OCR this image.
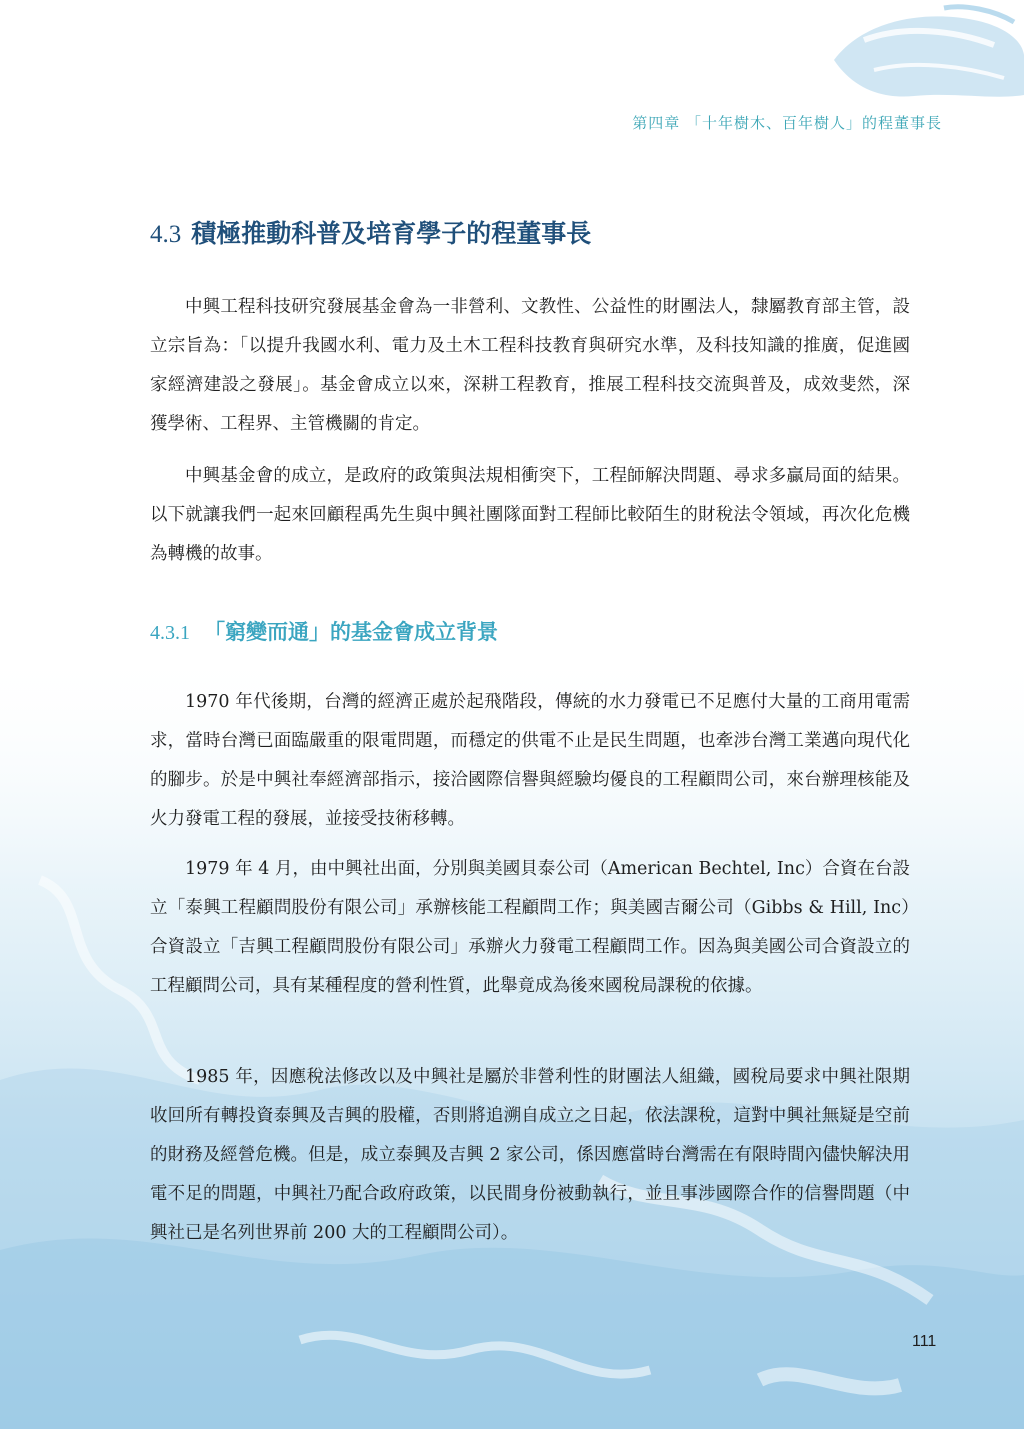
第四章 「十年樹木、百年樹人」的程董事長
4.3 積極推動科普及培育學子的程董事長

中興工程科技研究發展基金會為一非營利、文教性、公益性的財團法人，隸屬教育部主管，設立宗旨為：「以提升我國水利、電力及土木工程科技教育與研究水準，及科技知識的推廣，促進國家經濟建設之發展」。基金會成立以來，深耕工程教育，推展工程科技交流與普及，成效斐然，深獲學術、工程界、主管機關的肯定。

中興基金會的成立，是政府的政策與法規相衝突下，工程師解決問題、尋求多贏局面的結果。以下就讓我們一起來回顧程禹先生與中興社團隊面對工程師比較陌生的財稅法令領域，再次化危機為轉機的故事。

4.3.1 「窮變而通」的基金會成立背景

1970 年代後期，台灣的經濟正處於起飛階段，傳統的水力發電已不足應付大量的工商用電需求，當時台灣已面臨嚴重的限電問題，而穩定的供電不止是民生問題，也牽涉台灣工業邁向現代化的腳步。於是中興社奉經濟部指示，接洽國際信譽與經驗均優良的工程顧問公司，來台辦理核能及火力發電工程的發展，並接受技術移轉。

1979 年 4 月，由中興社出面，分別與美國貝泰公司（American Bechtel, Inc）合資在台設立「泰興工程顧問股份有限公司」承辦核能工程顧問工作；與美國吉爾公司（Gibbs & Hill, Inc）合資設立「吉興工程顧問股份有限公司」承辦火力發電工程顧問工作。因為與美國公司合資設立的工程顧問公司，具有某種程度的營利性質，此舉竟成為後來國稅局課稅的依據。

1985 年，因應稅法修改以及中興社是屬於非營利性的財團法人組織，國稅局要求中興社限期收回所有轉投資泰興及吉興的股權，否則將追溯自成立之日起，依法課稅，這對中興社無疑是空前的財務及經營危機。但是，成立泰興及吉興 2 家公司，係因應當時台灣需在有限時間內儘快解決用電不足的問題，中興社乃配合政府政策，以民間身份被動執行，並且事涉國際合作的信譽問題（中興社已是名列世界前 200 大的工程顧問公司）。

111
